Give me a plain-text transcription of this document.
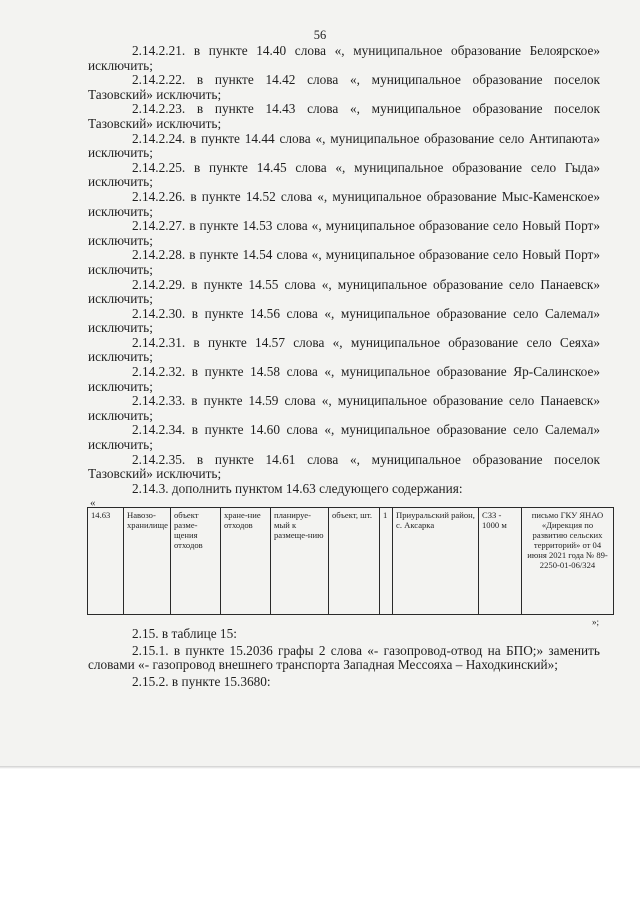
56

2.14.2.21. в пункте 14.40 слова «, муниципальное образование Белоярское» исключить;

2.14.2.22. в пункте 14.42 слова «, муниципальное образование поселок Тазовский» исключить;

2.14.2.23. в пункте 14.43 слова «, муниципальное образование поселок Тазовский» исключить;

2.14.2.24. в пункте 14.44 слова «, муниципальное образование село Антипаюта» исключить;

2.14.2.25. в пункте 14.45 слова «, муниципальное образование село Гыда» исключить;

2.14.2.26. в пункте 14.52 слова «, муниципальное образование Мыс-Каменское» исключить;

2.14.2.27. в пункте 14.53 слова «, муниципальное образование село Новый Порт» исключить;

2.14.2.28. в пункте 14.54 слова «, муниципальное образование село Новый Порт» исключить;

2.14.2.29. в пункте 14.55 слова «, муниципальное образование село Панаевск» исключить;

2.14.2.30. в пункте 14.56 слова «, муниципальное образование село Салемал» исключить;

2.14.2.31. в пункте 14.57 слова «, муниципальное образование село Сеяха» исключить;

2.14.2.32. в пункте 14.58 слова «, муниципальное образование Яр-Салинское» исключить;

2.14.2.33. в пункте 14.59 слова «, муниципальное образование село Панаевск» исключить;

2.14.2.34. в пункте 14.60 слова «, муниципальное образование село Салемал» исключить;

2.14.2.35. в пункте 14.61 слова «, муниципальное образование поселок Тазовский» исключить;

2.14.3. дополнить пунктом 14.63 следующего содержания:

«
14.63	Навозо-хранилище	объект разме-щения отходов	хране-ние отходов	планируе-мый к размеще-нию	объект, шт.	1	Приуральский район, с. Аксарка	СЗЗ - 1000 м	письмо ГКУ ЯНАО «Дирекция по развитию сельских территорий» от 04 июня 2021 года № 89-2250-01-06/324
»;

2.15. в таблице 15:

2.15.1. в пункте 15.2036 графы 2 слова «- газопровод-отвод на БПО;» заменить словами «- газопровод внешнего транспорта Западная Мессояха – Находкинский»;

2.15.2. в пункте 15.3680:
